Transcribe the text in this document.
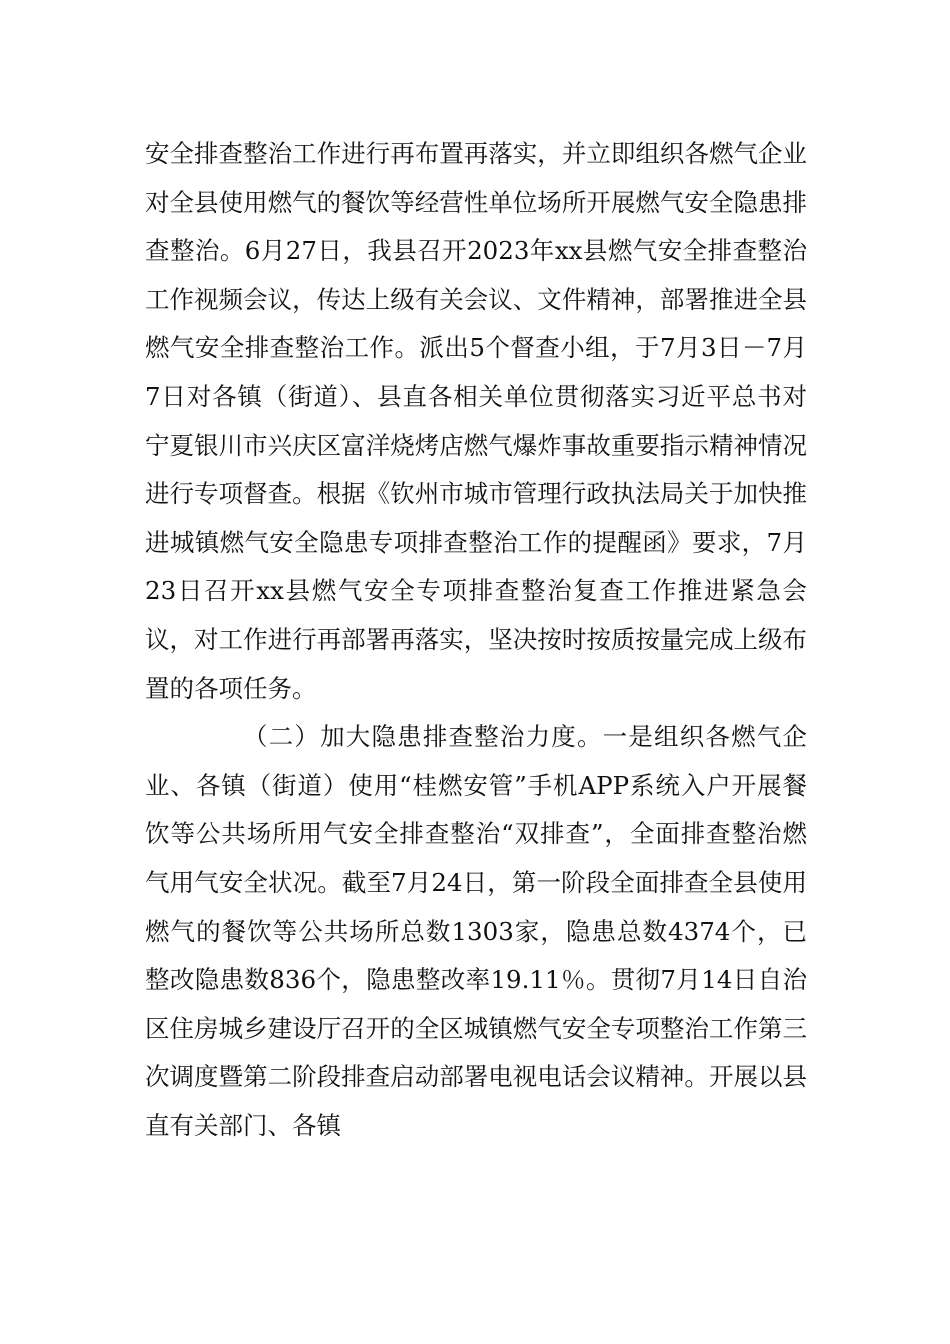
安全排查整治工作进行再布置再落实，并立即组织各燃气企业对全县使用燃气的餐饮等经营性单位场所开展燃气安全隐患排查整治。6月27日，我县召开2023年xx县燃气安全排查整治工作视频会议，传达上级有关会议、文件精神，部署推进全县燃气安全排查整治工作。派出5个督查小组，于7月3日－7月7日对各镇（街道）、县直各相关单位贯彻落实习近平总书对宁夏银川市兴庆区富洋烧烤店燃气爆炸事故重要指示精神情况进行专项督查。根据《钦州市城市管理行政执法局关于加快推进城镇燃气安全隐患专项排查整治工作的提醒函》要求，7月23日召开xx县燃气安全专项排查整治复查工作推进紧急会议，对工作进行再部署再落实，坚决按时按质按量完成上级布置的各项任务。

（二）加大隐患排查整治力度。一是组织各燃气企业、各镇（街道）使用“桂燃安管”手机APP系统入户开展餐饮等公共场所用气安全排查整治“双排查”，全面排查整治燃气用气安全状况。截至7月24日，第一阶段全面排查全县使用燃气的餐饮等公共场所总数1303家，隐患总数4374个，已整改隐患数836个，隐患整改率19.11％。贯彻7月14日自治区住房城乡建设厅召开的全区城镇燃气安全专项整治工作第三次调度暨第二阶段排查启动部署电视电话会议精神。开展以县直有关部门、各镇
